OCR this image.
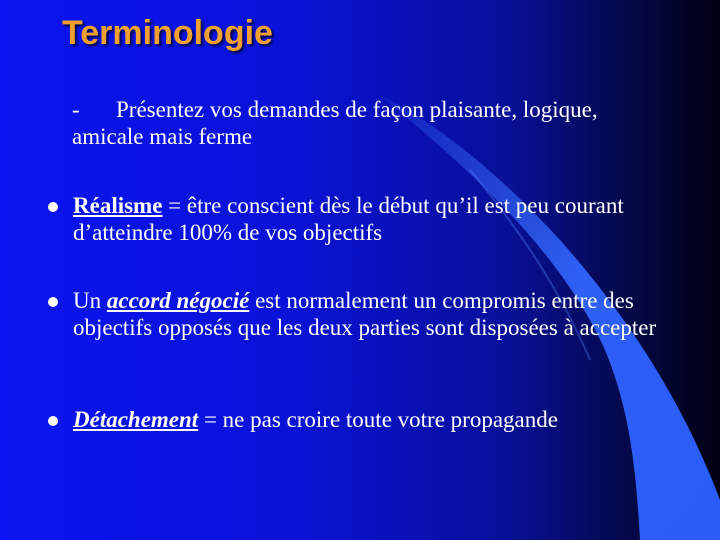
Terminologie
- Présentez vos demandes de façon plaisante, logique, amicale mais ferme
Réalisme = être conscient dès le début qu’il est peu courant d’atteindre 100% de vos objectifs
Un accord négocié est normalement un compromis entre des objectifs opposés que les deux parties sont disposées à accepter
Détachement = ne pas croire toute votre propagande
